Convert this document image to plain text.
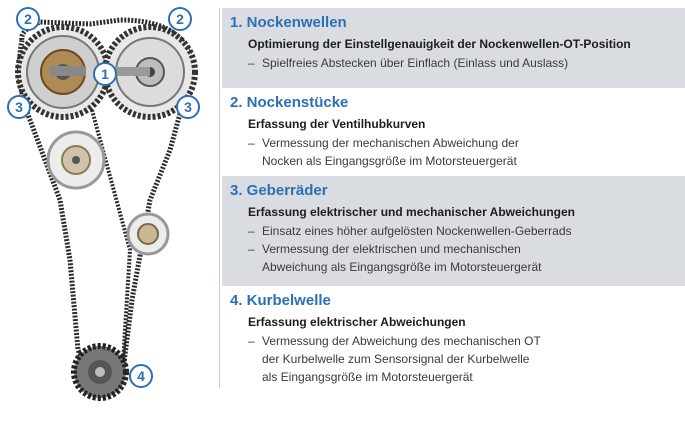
2	2
1
3	3
4
1. Nockenwellen
Optimierung der Einstellgenauigkeit der Nockenwellen-OT-Position
– Spielfreies Abstecken über Einflach (Einlass und Auslass)
2. Nockenstücke
Erfassung der Ventilhubkurven
– Vermessung der mechanischen Abweichung der
Nocken als Eingangsgröße im Motorsteuergerät
3. Geberräder
Erfassung elektrischer und mechanischer Abweichungen
– Einsatz eines höher aufgelösten Nockenwellen-Geberrads
– Vermessung der elektrischen und mechanischen
Abweichung als Eingangsgröße im Motorsteuergerät
4. Kurbelwelle
Erfassung elektrischer Abweichungen
– Vermessung der Abweichung des mechanischen OT
der Kurbelwelle zum Sensorsignal der Kurbelwelle
als Eingangsgröße im Motorsteuergerät
